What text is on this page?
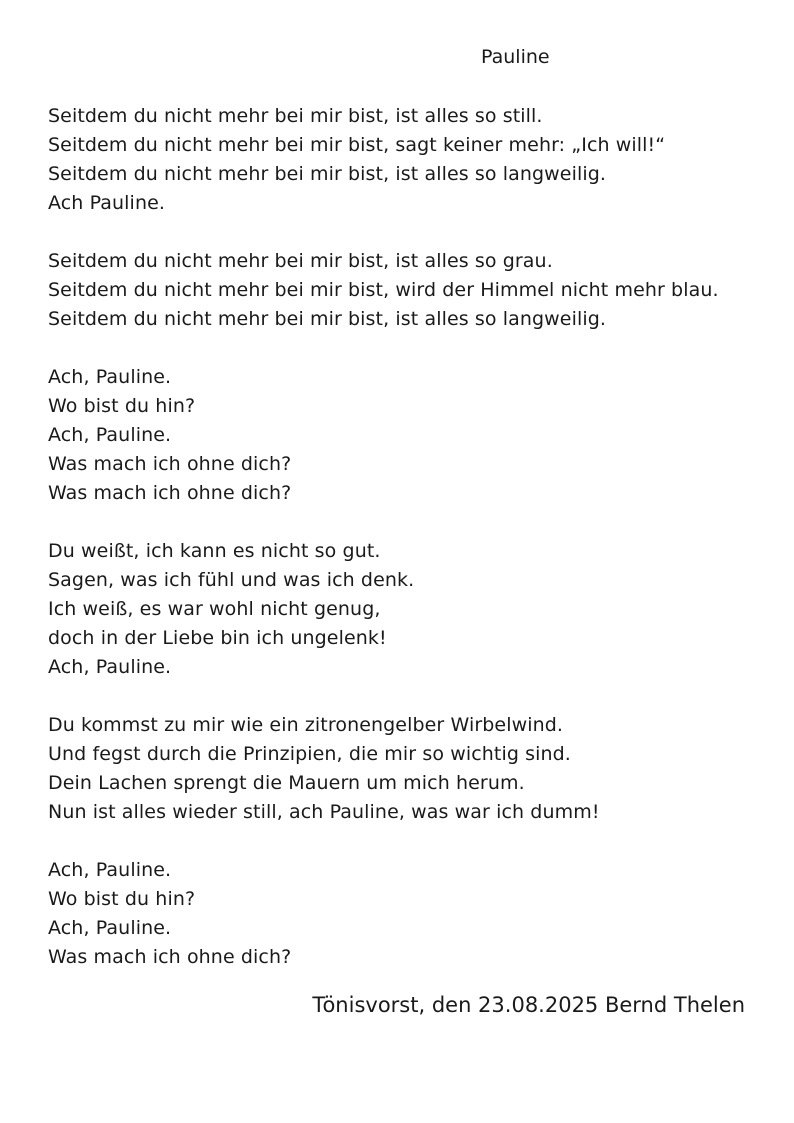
Pauline
Seitdem du nicht mehr bei mir bist, ist alles so still.
Seitdem du nicht mehr bei mir bist, sagt keiner mehr: „Ich will!“
Seitdem du nicht mehr bei mir bist, ist alles so langweilig.
Ach Pauline.
Seitdem du nicht mehr bei mir bist, ist alles so grau.
Seitdem du nicht mehr bei mir bist, wird der Himmel nicht mehr blau.
Seitdem du nicht mehr bei mir bist, ist alles so langweilig.
Ach, Pauline.
Wo bist du hin?
Ach, Pauline.
Was mach ich ohne dich?
Was mach ich ohne dich?
Du weißt, ich kann es nicht so gut.
Sagen, was ich fühl und was ich denk.
Ich weiß, es war wohl nicht genug,
doch in der Liebe bin ich ungelenk!
Ach, Pauline.
Du kommst zu mir wie ein zitronengelber Wirbelwind.
Und fegst durch die Prinzipien, die mir so wichtig sind.
Dein Lachen sprengt die Mauern um mich herum.
Nun ist alles wieder still, ach Pauline, was war ich dumm!
Ach, Pauline.
Wo bist du hin?
Ach, Pauline.
Was mach ich ohne dich?
Tönisvorst, den 23.08.2025 Bernd Thelen
